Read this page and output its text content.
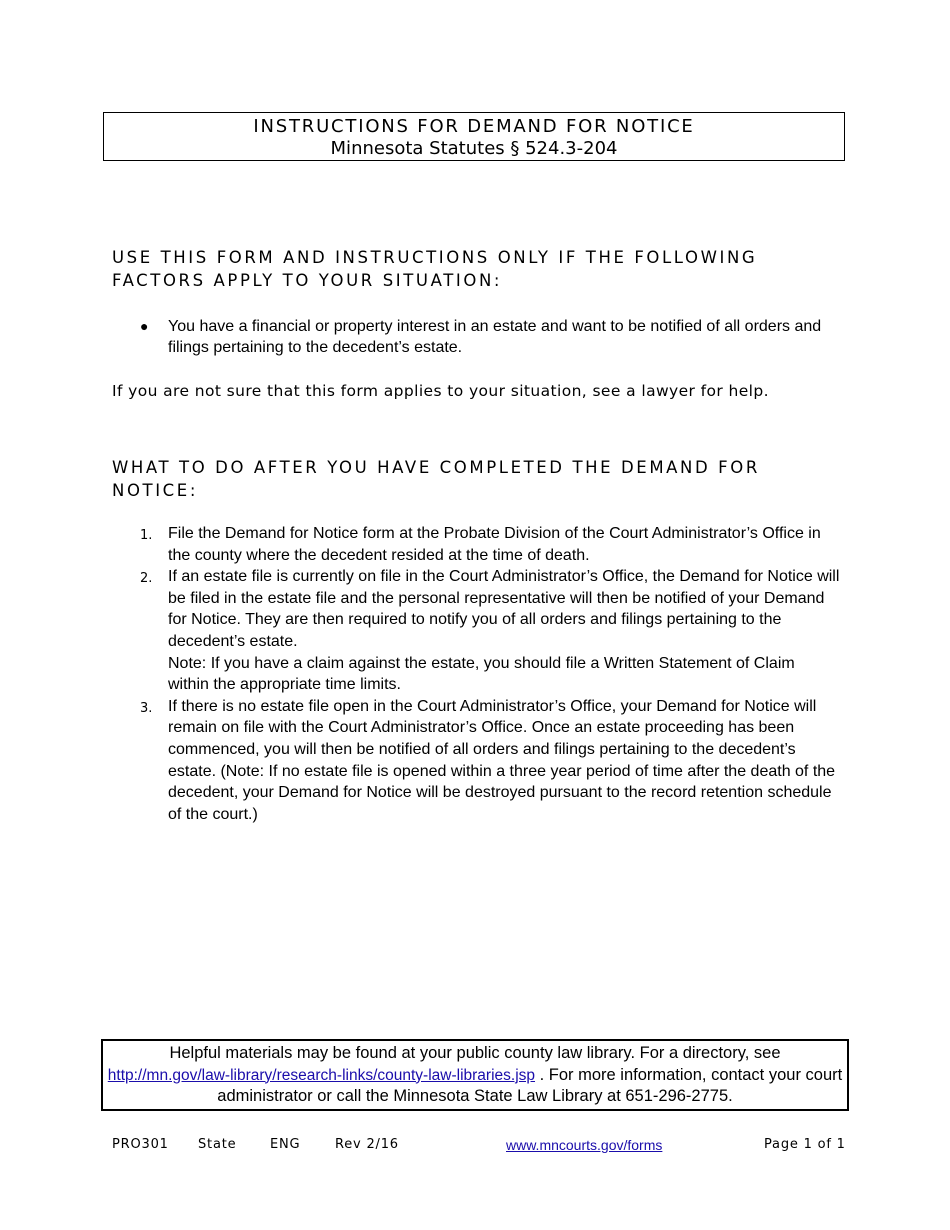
INSTRUCTIONS FOR DEMAND FOR NOTICE
Minnesota Statutes § 524.3-204
USE THIS FORM AND INSTRUCTIONS ONLY IF THE FOLLOWING
FACTORS APPLY TO YOUR SITUATION:
● You have a financial or property interest in an estate and want to be notified of all orders and filings pertaining to the decedent’s estate.
If you are not sure that this form applies to your situation, see a lawyer for help.
WHAT TO DO AFTER YOU HAVE COMPLETED THE DEMAND FOR
NOTICE:
1. File the Demand for Notice form at the Probate Division of the Court Administrator’s Office in the county where the decedent resided at the time of death.
2. If an estate file is currently on file in the Court Administrator’s Office, the Demand for Notice will be filed in the estate file and the personal representative will then be notified of your Demand for Notice. They are then required to notify you of all orders and filings pertaining to the decedent’s estate.
Note: If you have a claim against the estate, you should file a Written Statement of Claim within the appropriate time limits.
3. If there is no estate file open in the Court Administrator’s Office, your Demand for Notice will remain on file with the Court Administrator’s Office. Once an estate proceeding has been commenced, you will then be notified of all orders and filings pertaining to the decedent’s estate. (Note: If no estate file is opened within a three year period of time after the death of the decedent, your Demand for Notice will be destroyed pursuant to the record retention schedule of the court.)
Helpful materials may be found at your public county law library. For a directory, see
http://mn.gov/law-library/research-links/county-law-libraries.jsp . For more information, contact your court administrator or call the Minnesota State Law Library at 651-296-2775.
PRO301 State	ENG	Rev 2/16	www.mncourts.gov/forms	Page 1 of 1
